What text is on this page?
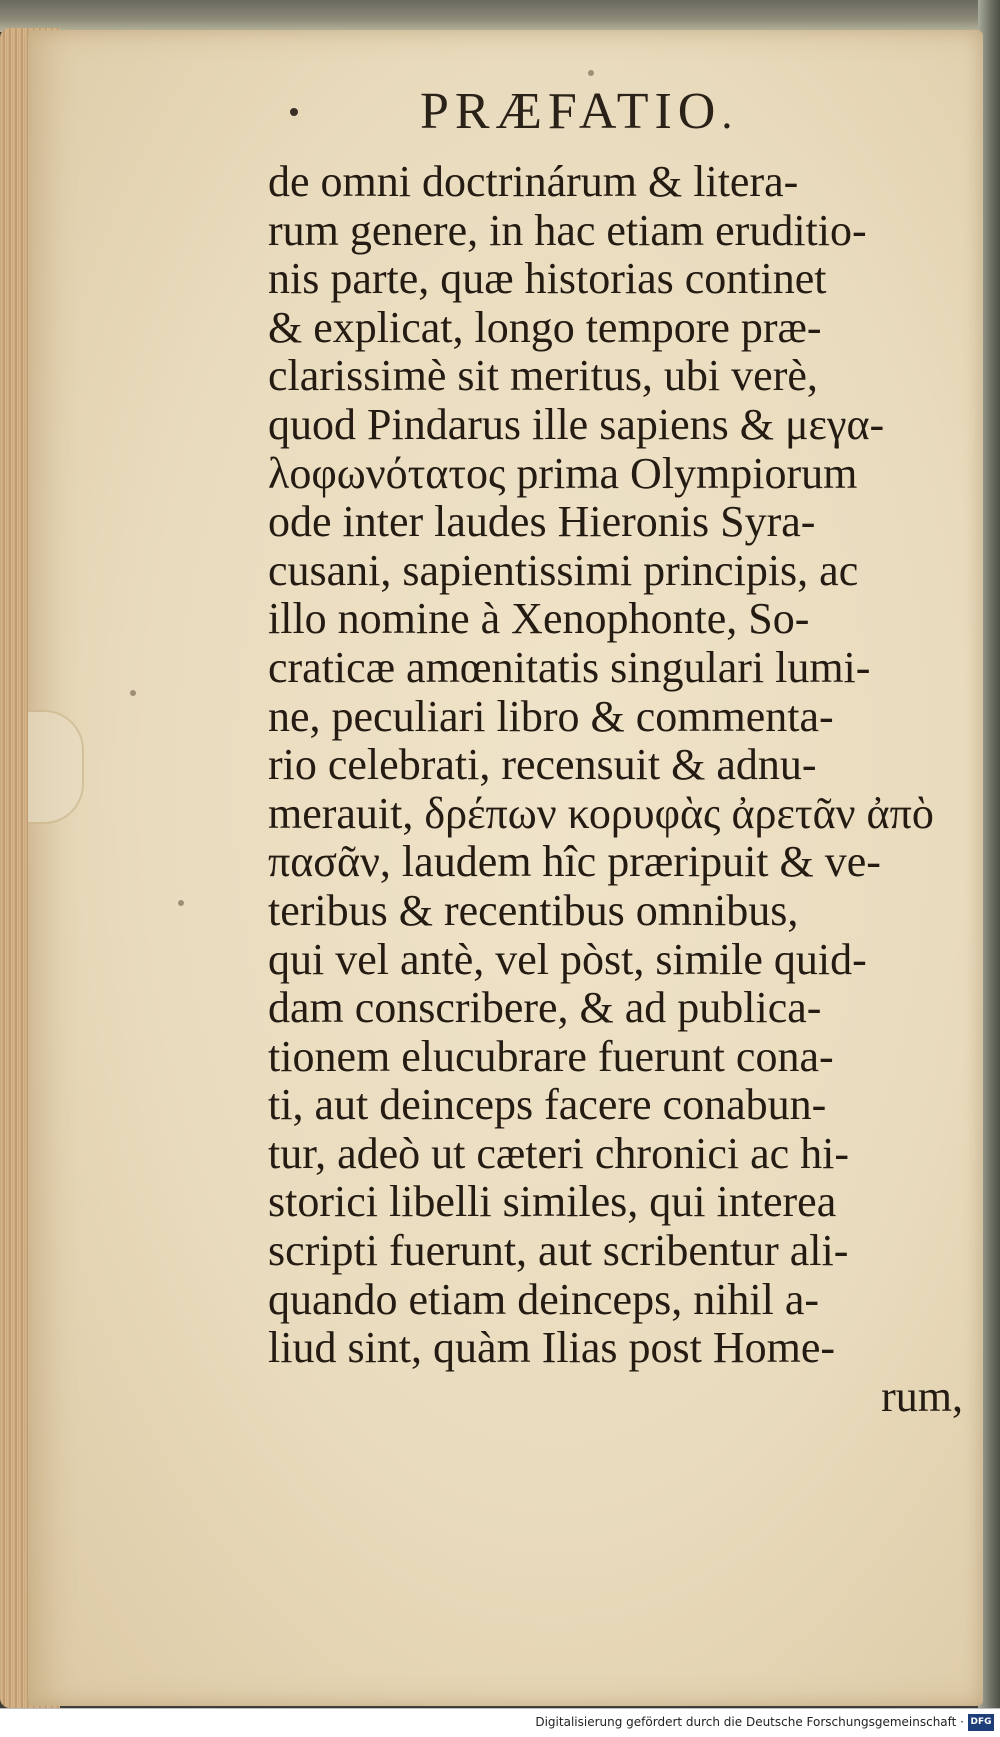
PRÆFATIO.
de omni doctrinárum & litera-
rum genere, in hac etiam eruditio-
nis parte, quæ historias continet
& explicat, longo tempore præ-
clarissimè sit meritus, ubi verè,
quod Pindarus ille sapiens & μεγα-
λοφωνότατος prima Olympiorum
ode inter laudes Hieronis Syra-
cusani, sapientissimi principis, ac
illo nomine à Xenophonte, So-
craticæ amœnitatis singulari lumi-
ne, peculiari libro & commenta-
rio celebrati, recensuit & adnu-
merauit, δρέπων κορυφὰς ἀρετᾶν ἀπὸ
πασᾶν, laudem hîc præripuit & ve-
teribus & recentibus omnibus,
qui vel antè, vel pòst, simile quid-
dam conscribere, & ad publica-
tionem elucubrare fuerunt cona-
ti, aut deinceps facere conabun-
tur, adeò ut cæteri chronici ac hi-
storici libelli similes, qui interea
scripti fuerunt, aut scribentur ali-
quando etiam deinceps, nihil a-
liud sint, quàm Ilias post Home-
rum,
Digitalisierung gefördert durch die Deutsche Forschungsgemeinschaft · DFG
